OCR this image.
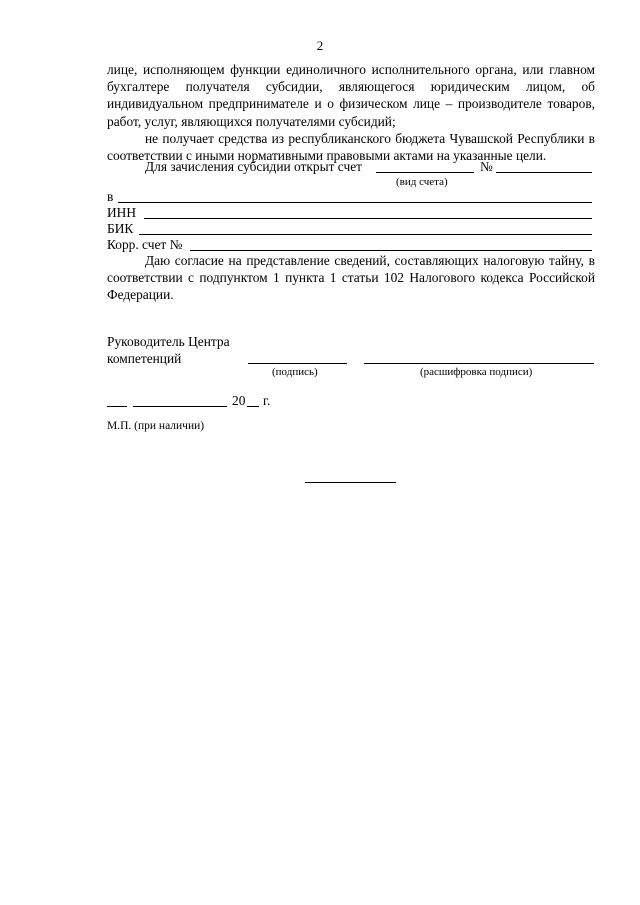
2

лице, исполняющем функции единоличного исполнительного органа, или главном бухгалтере получателя субсидии, являющегося юридическим лицом, об индивидуальном предпринимателе и о физическом лице – производителе товаров, работ, услуг, являющихся получателями субсидий;

не получает средства из республиканского бюджета Чувашской Республики в соответствии с иными нормативными правовыми актами на указанные цели.

Для зачисления субсидии открыт счет	№
(вид счета)
в
ИНН
БИК
Корр. счет №

Даю согласие на представление сведений, составляющих налоговую тайну, в соответствии с подпунктом 1 пункта 1 статьи 102 Налогового кодекса Российской Федерации.

Руководитель Центра
компетенций
(подпись)	(расшифровка подписи)
20 г.
М.П. (при наличии)
